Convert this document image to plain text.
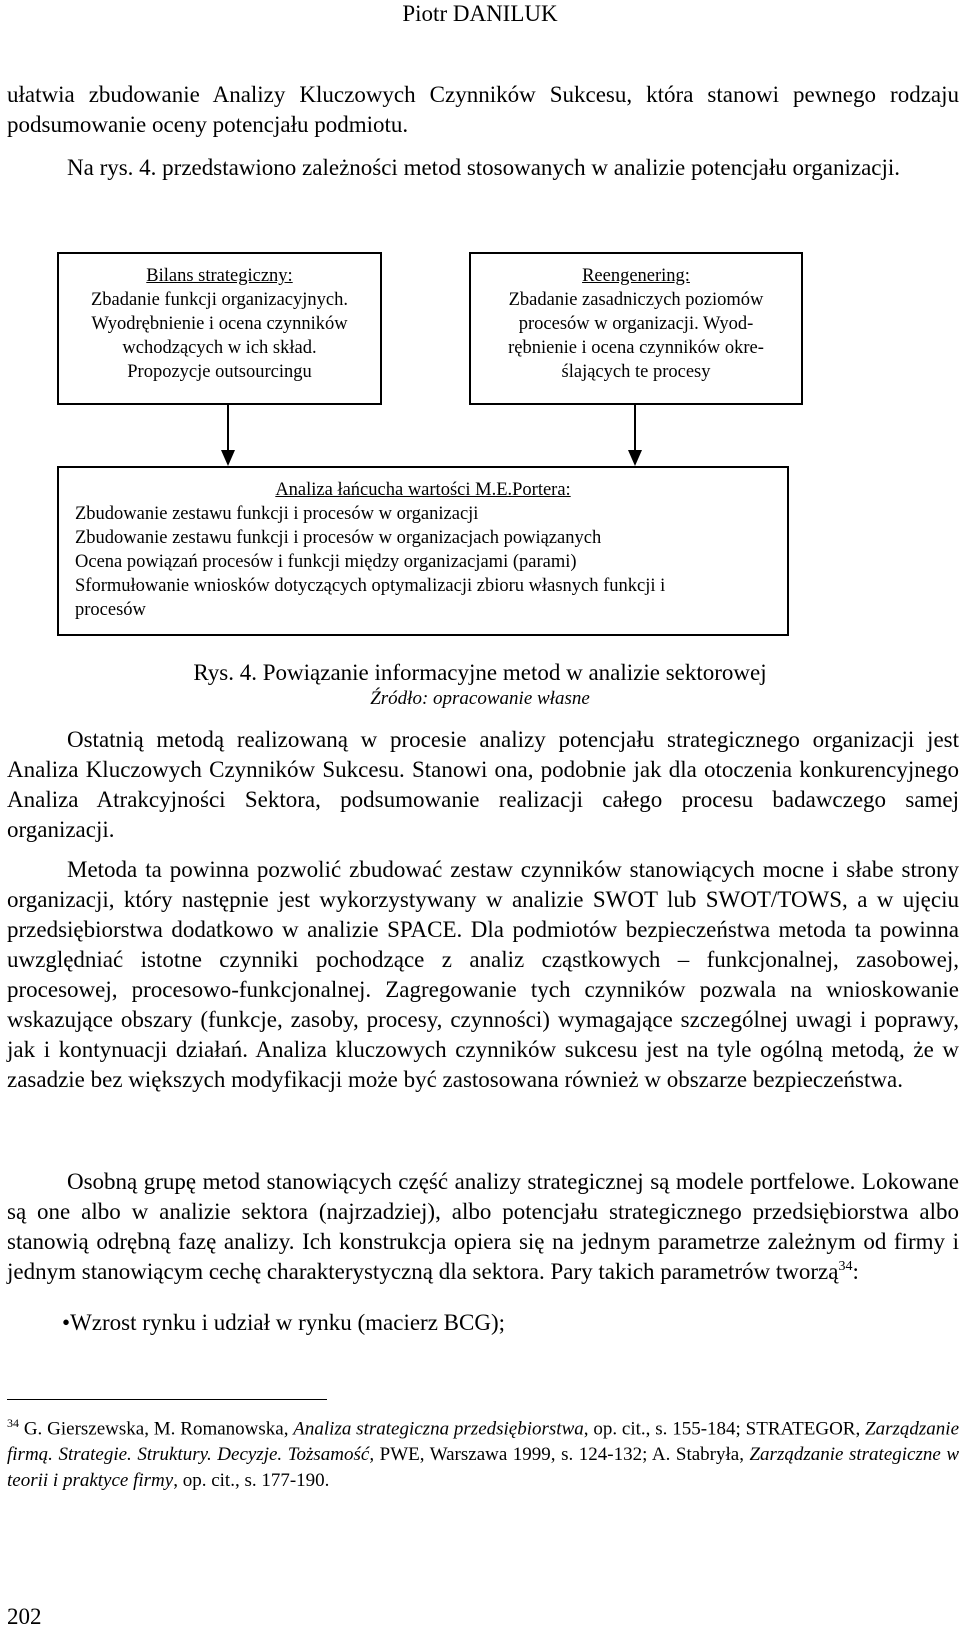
Piotr DANILUK

ułatwia zbudowanie Analizy Kluczowych Czynników Sukcesu, która stanowi pewnego rodzaju podsumowanie oceny potencjału podmiotu.

Na rys. 4. przedstawiono zależności metod stosowanych w analizie potencjału organizacji.

Bilans strategiczny:
Zbadanie funkcji organizacyjnych.
Wyodrębnienie i ocena czynników
wchodzących w ich skład.
Propozycje outsourcingu
Reengenering:
Zbadanie zasadniczych poziomów
procesów w organizacji. Wyod-
rębnienie i ocena czynników okre-
ślających te procesy
Analiza łańcucha wartości M.E.Portera:
Zbudowanie zestawu funkcji i procesów w organizacji
Zbudowanie zestawu funkcji i procesów w organizacjach powiązanych
Ocena powiązań procesów i funkcji między organizacjami (parami)
Sformułowanie wniosków dotyczących optymalizacji zbioru własnych funkcji i
procesów
Rys. 4. Powiązanie informacyjne metod w analizie sektorowej
Źródło: opracowanie własne

Ostatnią metodą realizowaną w procesie analizy potencjału strategicznego organizacji jest Analiza Kluczowych Czynników Sukcesu. Stanowi ona, podobnie jak dla otoczenia konkurencyjnego Analiza Atrakcyjności Sektora, podsumowanie realizacji całego procesu badawczego samej organizacji.

Metoda ta powinna pozwolić zbudować zestaw czynników stanowiących mocne i słabe strony organizacji, który następnie jest wykorzystywany w analizie SWOT lub SWOT/TOWS, a w ujęciu przedsiębiorstwa dodatkowo w analizie SPACE. Dla podmiotów bezpieczeństwa metoda ta powinna uwzględniać istotne czynniki pochodzące z analiz cząstkowych – funkcjonalnej, zasobowej, procesowej, procesowo-funkcjonalnej. Zagregowanie tych czynników pozwala na wnioskowanie wskazujące obszary (funkcje, zasoby, procesy, czynności) wymagające szczególnej uwagi i poprawy, jak i kontynuacji działań. Analiza kluczowych czynników sukcesu jest na tyle ogólną metodą, że w zasadzie bez większych modyfikacji może być zastosowana również w obszarze bezpieczeństwa.

Osobną grupę metod stanowiących część analizy strategicznej są modele portfelowe. Lokowane są one albo w analizie sektora (najrzadziej), albo potencjału strategicznego przedsiębiorstwa albo stanowią odrębną fazę analizy. Ich konstrukcja opiera się na jednym parametrze zależnym od firmy i jednym stanowiącym cechę charakterystyczną dla sektora. Pary takich parametrów tworzą$^{34}$:

•Wzrost rynku i udział w rynku (macierz BCG);
$^{34}$ G. Gierszewska, M. Romanowska, Analiza strategiczna przedsiębiorstwa, op. cit., s. 155-184; STRATEGOR, Zarządzanie firmą. Strategie. Struktury. Decyzje. Tożsamość, PWE, Warszawa 1999, s. 124-132; A. Stabryła, Zarządzanie strategiczne w teorii i praktyce firmy, op. cit., s. 177-190.
202
